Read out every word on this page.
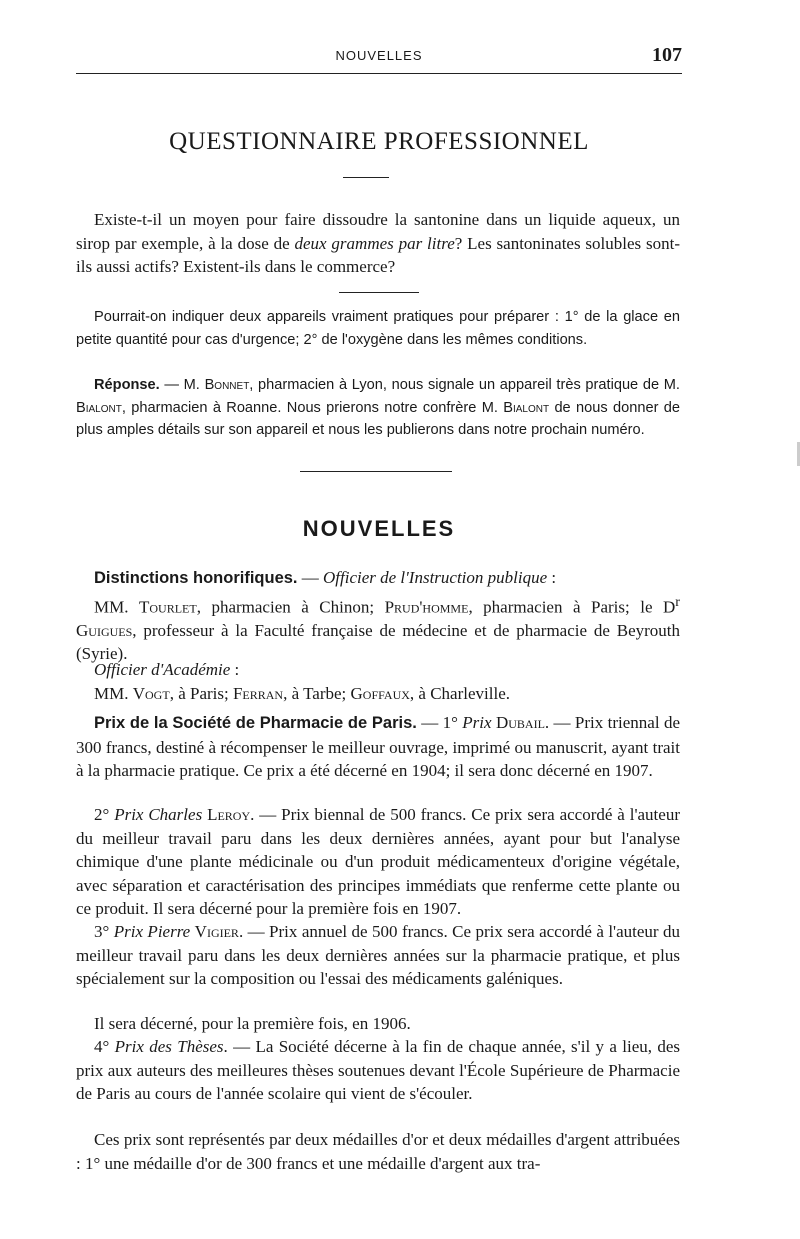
NOUVELLES	107
QUESTIONNAIRE PROFESSIONNEL

Existe-t-il un moyen pour faire dissoudre la santonine dans un liquide aqueux, un sirop par exemple, à la dose de deux grammes par litre? Les santoninates solubles sont-ils aussi actifs? Existent-ils dans le commerce?

Pourrait-on indiquer deux appareils vraiment pratiques pour préparer : 1° de la glace en petite quantité pour cas d'urgence; 2° de l'oxygène dans les mêmes conditions.

Réponse. — M. Bonnet, pharmacien à Lyon, nous signale un appareil très pratique de M. Bialont, pharmacien à Roanne. Nous prierons notre confrère M. Bialont de nous donner de plus amples détails sur son appareil et nous les publierons dans notre prochain numéro.

NOUVELLES

Distinctions honorifiques. — Officier de l'Instruction publique :
MM. Tourlet, pharmacien à Chinon; Prud'homme, pharmacien à Paris; le $D^r$ Guigues, professeur à la Faculté française de médecine et de pharmacie de Beyrouth (Syrie).

Officier d'Académie :
MM. Vogt, à Paris; Ferran, à Tarbe; Goffaux, à Charleville.

Prix de la Société de Pharmacie de Paris. — 1° Prix Dubail. — Prix triennal de 300 francs, destiné à récompenser le meilleur ouvrage, imprimé ou manuscrit, ayant trait à la pharmacie pratique. Ce prix a été décerné en 1904; il sera donc décerné en 1907.

2° Prix Charles Leroy. — Prix biennal de 500 francs. Ce prix sera accordé à l'auteur du meilleur travail paru dans les deux dernières années, ayant pour but l'analyse chimique d'une plante médicinale ou d'un produit médicamenteux d'origine végétale, avec séparation et caractérisation des principes immédiats que renferme cette plante ou ce produit. Il sera décerné pour la première fois en 1907.

3° Prix Pierre Vigier. — Prix annuel de 500 francs. Ce prix sera accordé à l'auteur du meilleur travail paru dans les deux dernières années sur la pharmacie pratique, et plus spécialement sur la composition ou l'essai des médicaments galéniques.

Il sera décerné, pour la première fois, en 1906.

4° Prix des Thèses. — La Société décerne à la fin de chaque année, s'il y a lieu, des prix aux auteurs des meilleures thèses soutenues devant l'École Supérieure de Pharmacie de Paris au cours de l'année scolaire qui vient de s'écouler.

Ces prix sont représentés par deux médailles d'or et deux médailles d'argent attribuées : 1° une médaille d'or de 300 francs et une médaille d'argent aux tra-
